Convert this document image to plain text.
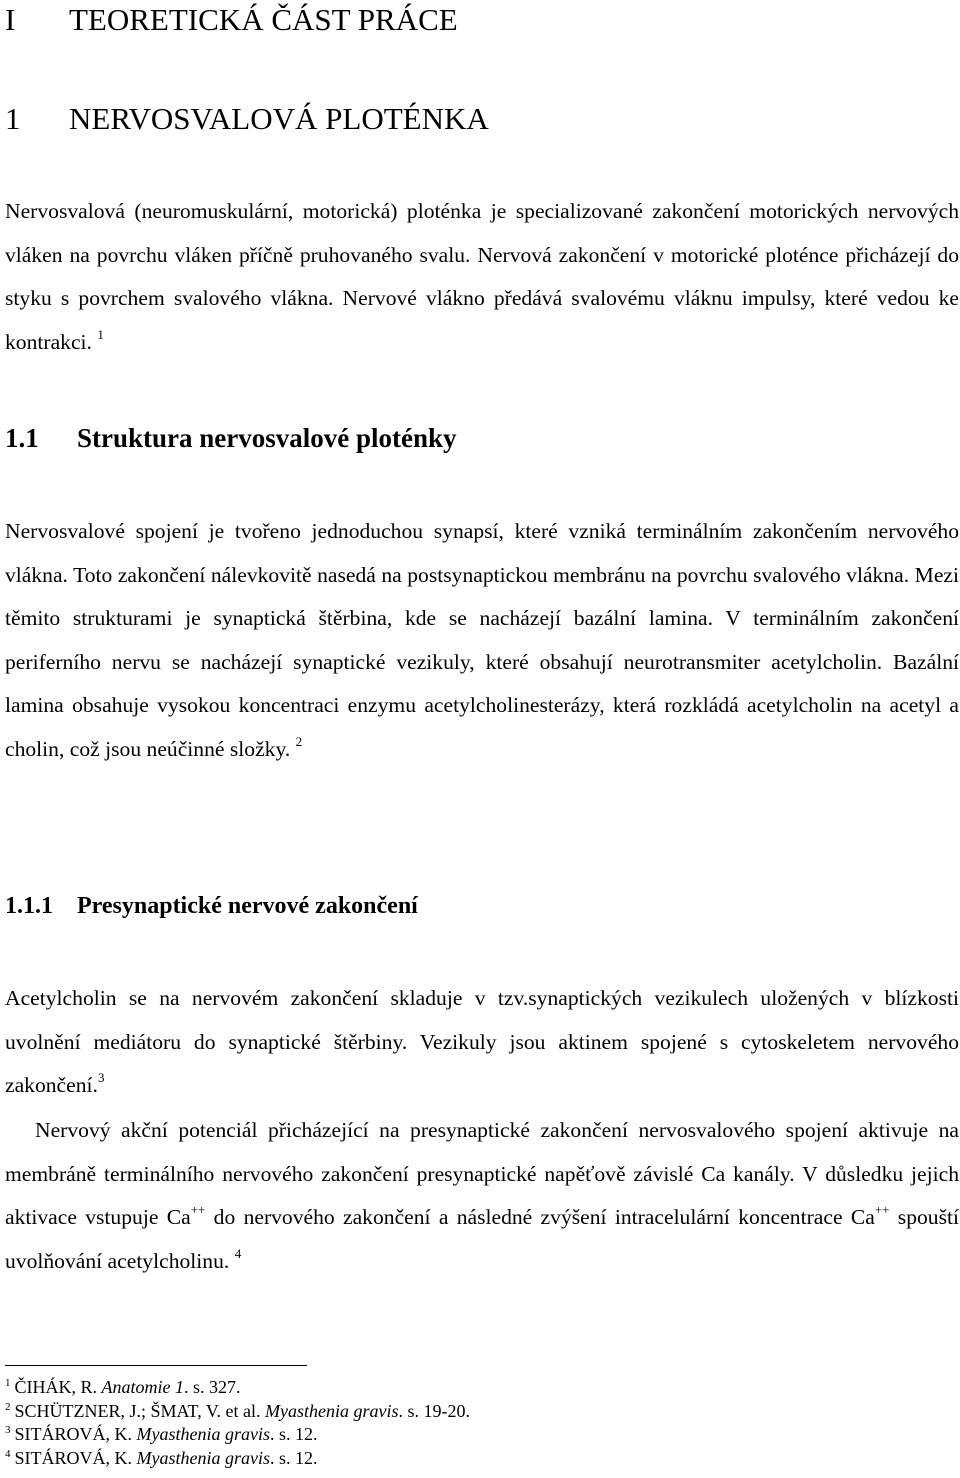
I TEORETICKÁ ČÁST PRÁCE
1 NERVOSVALOVÁ PLOTÉNKA

Nervosvalová (neuromuskulární, motorická) ploténka je specializované zakončení motorických nervových vláken na povrchu vláken příčně pruhovaného svalu. Nervová zakončení v motorické ploténce přicházejí do styku s povrchem svalového vlákna. Nervové vlákno předává svalovému vláknu impulsy, které vedou ke kontrakci. $^1$

1.1 Struktura nervosvalové ploténky

Nervosvalové spojení je tvořeno jednoduchou synapsí, které vzniká terminálním zakončením nervového vlákna. Toto zakončení nálevkovitě nasedá na postsynaptickou membránu na povrchu svalového vlákna. Mezi těmito strukturami je synaptická štěrbina, kde se nacházejí bazální lamina. V terminálním zakončení periferního nervu se nacházejí synaptické vezikuly, které obsahují neurotransmiter acetylcholin. Bazální lamina obsahuje vysokou koncentraci enzymu acetylcholinesterázy, která rozkládá acetylcholin na acetyl a cholin, což jsou neúčinné složky. $^2$

1.1.1 Presynaptické nervové zakončení

Acetylcholin se na nervovém zakončení skladuje v tzv.synaptických vezikulech uložených v blízkosti uvolnění mediátoru do synaptické štěrbiny. Vezikuly jsou aktinem spojené s cytoskeletem nervového zakončení.$^3$

Nervový akční potenciál přicházející na presynaptické zakončení nervosvalového spojení aktivuje na membráně terminálního nervového zakončení presynaptické napěťově závislé Ca kanály. V důsledku jejich aktivace vstupuje Ca++ do nervového zakončení a následné zvýšení intracelulární koncentrace Ca++ spouští uvolňování acetylcholinu. $^4$

$^1$ ČIHÁK, R. Anatomie 1. s. 327.
$^2$ SCHÜTZNER, J.; ŠMAT, V. et al. Myasthenia gravis. s. 19-20.
$^3$ SITÁROVÁ, K. Myasthenia gravis. s. 12.
$^4$ SITÁROVÁ, K. Myasthenia gravis. s. 12.
